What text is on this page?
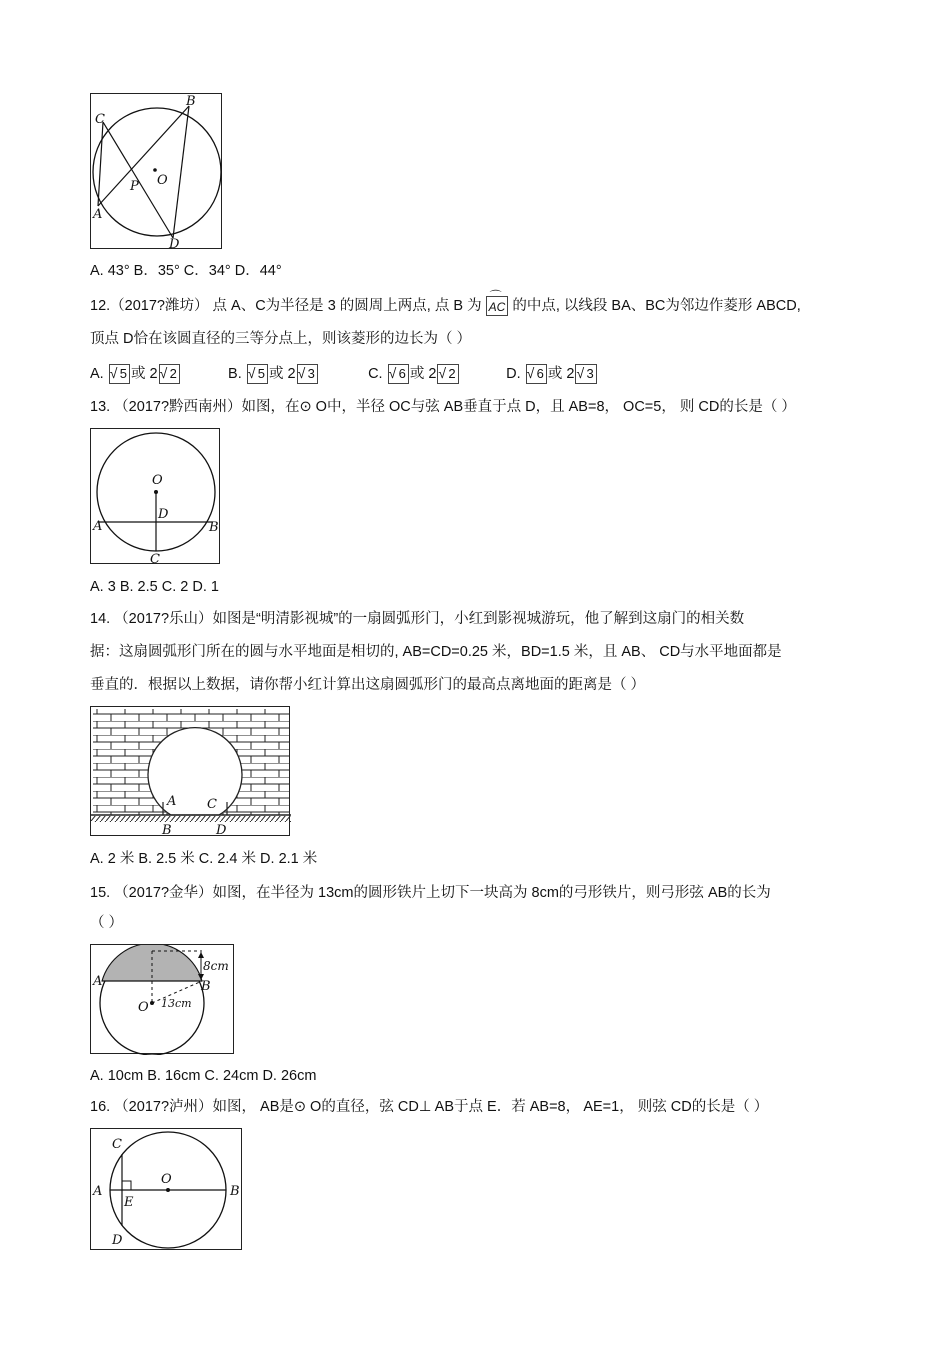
C
B
P O
A
D
A. 43° B．35° C．34° D．44°
12.（2017?潍坊） 点 A、C为半径是 3 的圆周上两点, 点 B 为 ⌒ AC 的中点, 以线段 BA、BC为邻边作菱形 ABCD,
顶点 D恰在该圆直径的三等分点上，则该菱形的边长为（ ）
A. √ 5 或 2 √ 2	B. √ 5 或 2 √ 3	C. √ 6 或 2 √ 2	D. √ 6 或 2 √ 3
13. （2017?黔西南州）如图，在⊙ O中，半径 OC与弦 AB垂直于点 D，且 AB=8， OC=5， 则 CD的长是（ ）
O
D
A	B
C
A. 3 B. 2.5 C. 2 D. 1
14. （2017?乐山）如图是“明清影视城”的一扇圆弧形门，小红到影视城游玩，他了解到这扇门的相关数
据：这扇圆弧形门所在的圆与水平地面是相切的, AB=CD=0.25 米，BD=1.5 米，且 AB、 CD与水平地面都是
垂直的．根据以上数据，请你帮小红计算出这扇圆弧形门的最高点离地面的距离是（ ）
A C
B	D
A. 2 米 B. 2.5 米 C. 2.4 米 D. 2.1 米
15. （2017?金华）如图，在半径为 13cm的圆形铁片上切下一块高为 8cm的弓形铁片，则弓形弦 AB的长为
（ ）
A	B
O
8cm
13cm
A. 10cm B. 16cm C. 24cm D. 26cm
16. （2017?泸州）如图， AB是⊙ O的直径，弦 CD⊥ AB于点 E．若 AB=8， AE=1， 则弦 CD的长是（ ）
C
O
A	B
E
D
